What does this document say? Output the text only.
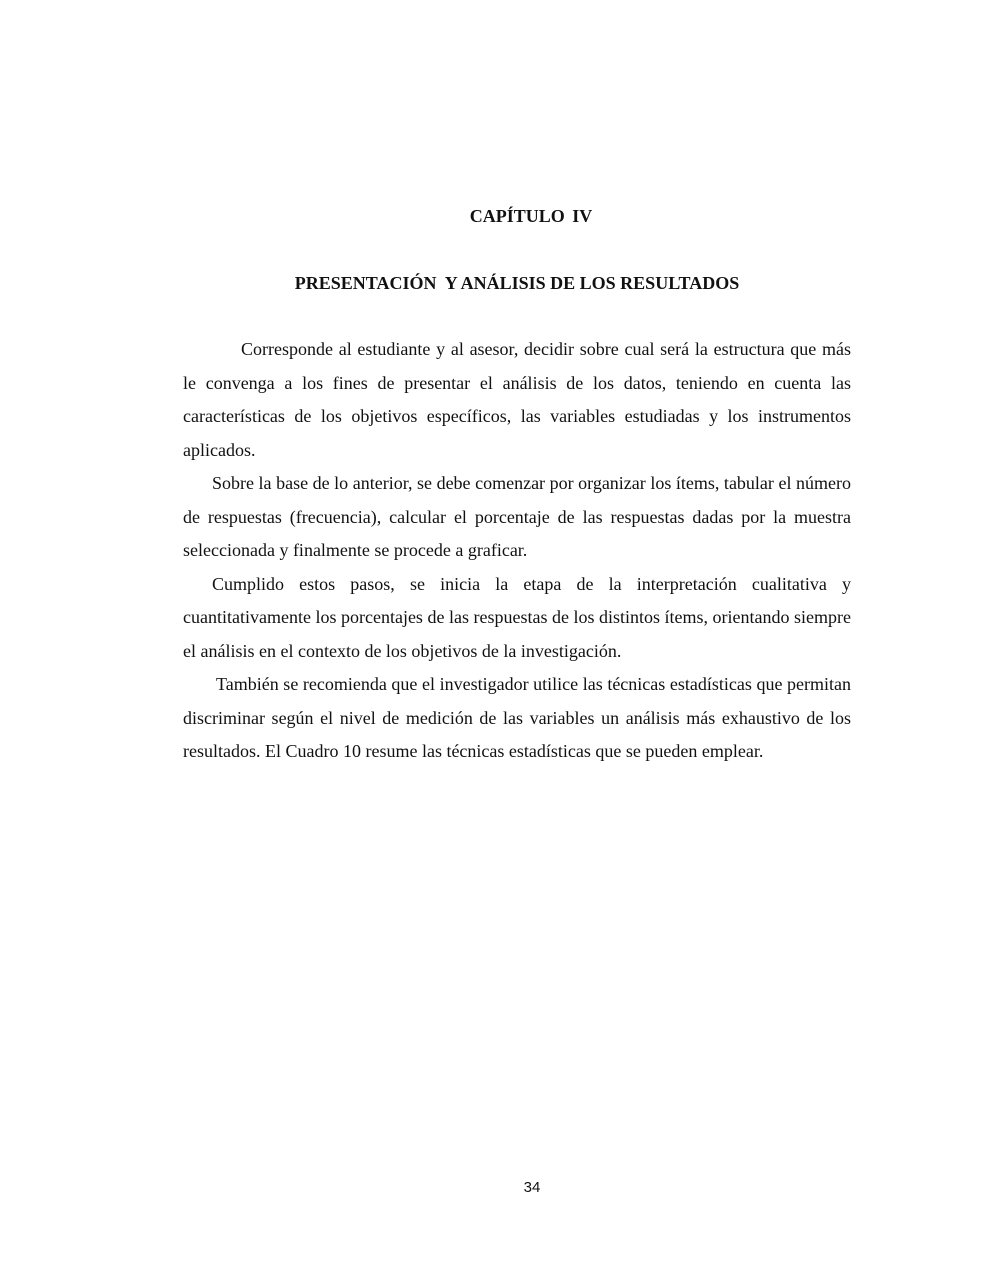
CAPÍTULO IV
PRESENTACIÓN  Y ANÁLISIS DE LOS RESULTADOS

Corresponde al estudiante y al asesor, decidir sobre cual será la estructura que más le convenga a los fines de presentar el análisis de los datos, teniendo en cuenta las características de los objetivos específicos, las variables estudiadas y los instrumentos aplicados.

Sobre la base de lo anterior, se debe comenzar por organizar los ítems, tabular el número de respuestas (frecuencia), calcular el porcentaje de las respuestas dadas por la muestra seleccionada y finalmente se procede a graficar.

Cumplido estos pasos, se inicia la etapa de la interpretación cualitativa y cuantitativamente los porcentajes de las respuestas de los distintos ítems, orientando siempre el análisis en el contexto de los objetivos de la investigación.

También se recomienda que el investigador utilice las técnicas estadísticas que permitan discriminar según el nivel de medición de las variables un análisis más exhaustivo de los resultados. El Cuadro 10 resume las técnicas estadísticas que se pueden emplear.

34
